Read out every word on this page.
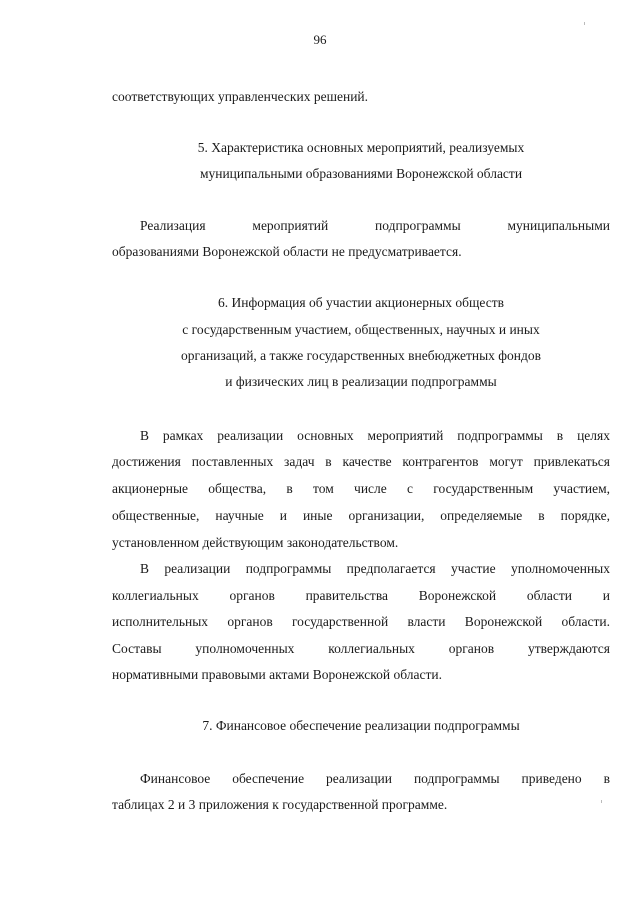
96
соответствующих управленческих решений.
5. Характеристика основных мероприятий, реализуемых
муниципальными образованиями Воронежской области
Реализация мероприятий подпрограммы муниципальными
образованиями Воронежской области не предусматривается.
6. Информация об участии акционерных обществ
с государственным участием, общественных, научных и иных
организаций, а также государственных внебюджетных фондов
и физических лиц в реализации подпрограммы
В рамках реализации основных мероприятий подпрограммы в целях
достижения поставленных задач в качестве контрагентов могут привлекаться
акционерные общества, в том числе с государственным участием,
общественные, научные и иные организации, определяемые в порядке,
установленном действующим законодательством.
В реализации подпрограммы предполагается участие уполномоченных
коллегиальных органов правительства Воронежской области и
исполнительных органов государственной власти Воронежской области.
Составы уполномоченных коллегиальных органов утверждаются
нормативными правовыми актами Воронежской области.
7. Финансовое обеспечение реализации подпрограммы
Финансовое обеспечение реализации подпрограммы приведено в
таблицах 2 и 3 приложения к государственной программе.
